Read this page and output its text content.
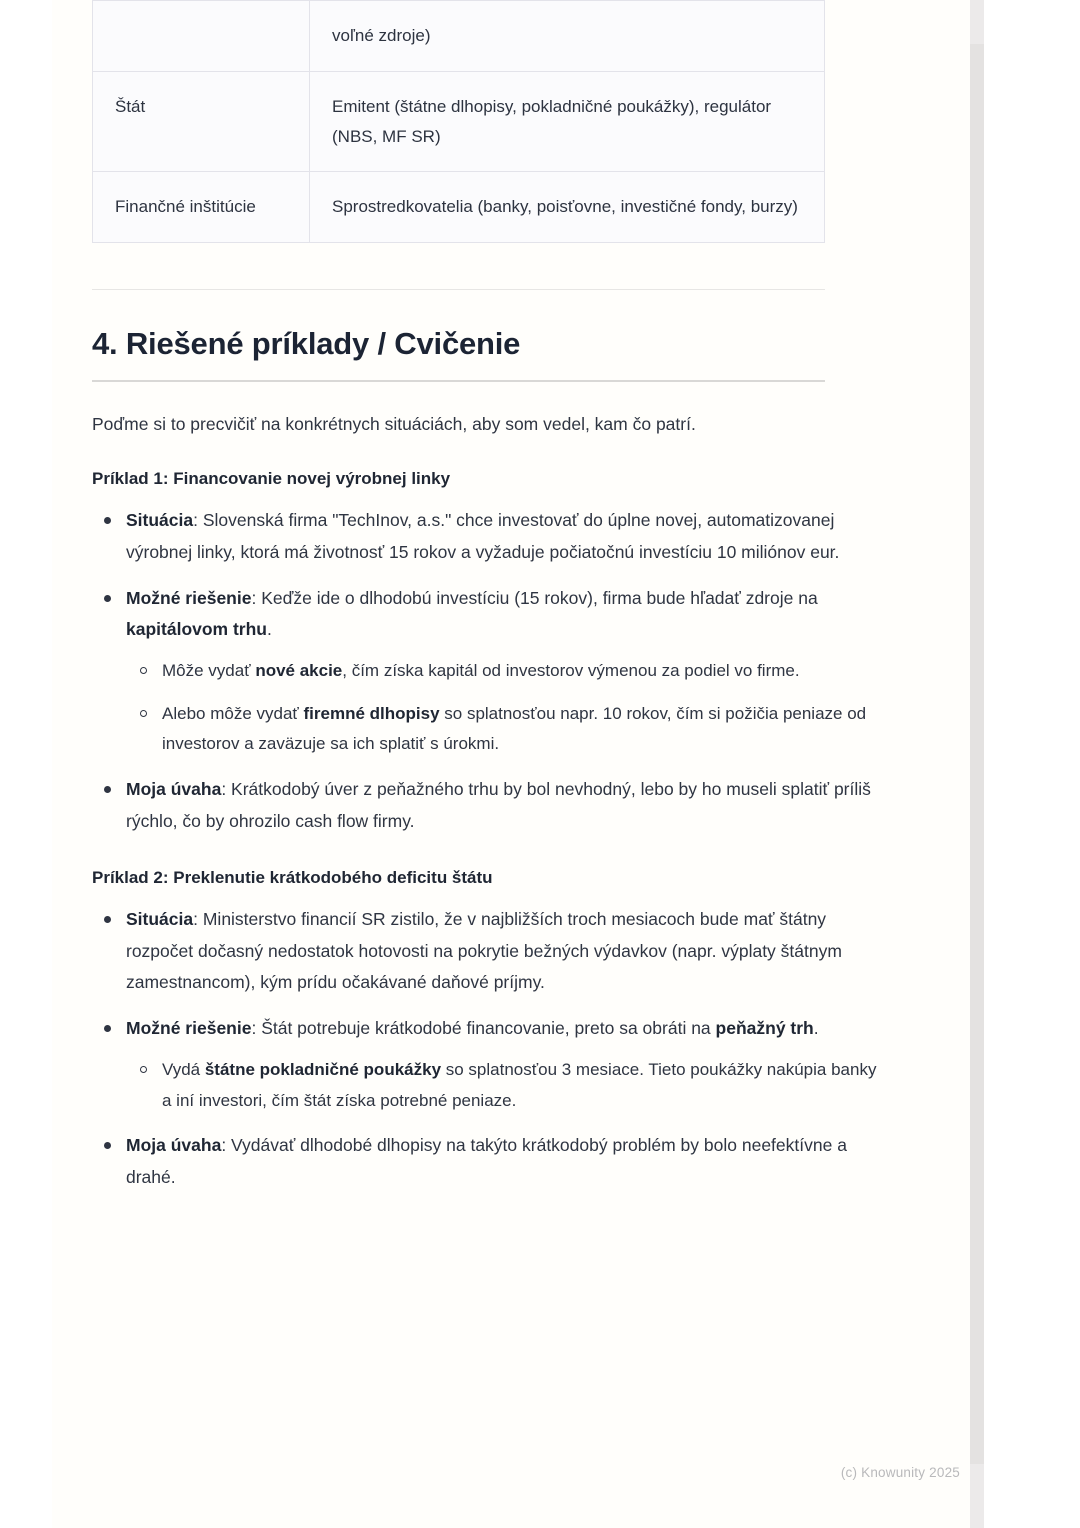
	voľné zdroje)
Štát	Emitent (štátne dlhopisy, pokladničné poukážky), regulátor (NBS, MF SR)
Finančné inštitúcie	Sprostredkovatelia (banky, poisťovne, investičné fondy, burzy)
4. Riešené príklady / Cvičenie

Poďme si to precvičiť na konkrétnych situáciách, aby som vedel, kam čo patrí.

Príklad 1: Financovanie novej výrobnej linky

Situácia: Slovenská firma "TechInov, a.s." chce investovať do úplne novej, automatizovanej výrobnej linky, ktorá má životnosť 15 rokov a vyžaduje počiatočnú investíciu 10 miliónov eur.
Možné riešenie: Keďže ide o dlhodobú investíciu (15 rokov), firma bude hľadať zdroje na kapitálovom trhu.
Môže vydať nové akcie, čím získa kapitál od investorov výmenou za podiel vo firme.
Alebo môže vydať firemné dlhopisy so splatnosťou napr. 10 rokov, čím si požičia peniaze od investorov a zaväzuje sa ich splatiť s úrokmi.
Moja úvaha: Krátkodobý úver z peňažného trhu by bol nevhodný, lebo by ho museli splatiť príliš rýchlo, čo by ohrozilo cash flow firmy.

Príklad 2: Preklenutie krátkodobého deficitu štátu

Situácia: Ministerstvo financií SR zistilo, že v najbližších troch mesiacoch bude mať štátny rozpočet dočasný nedostatok hotovosti na pokrytie bežných výdavkov (napr. výplaty štátnym zamestnancom), kým prídu očakávané daňové príjmy.
Možné riešenie: Štát potrebuje krátkodobé financovanie, preto sa obráti na peňažný trh.
Vydá štátne pokladničné poukážky so splatnosťou 3 mesiace. Tieto poukážky nakúpia banky a iní investori, čím štát získa potrebné peniaze.
Moja úvaha: Vydávať dlhodobé dlhopisy na takýto krátkodobý problém by bolo neefektívne a drahé.
(c) Knowunity 2025
